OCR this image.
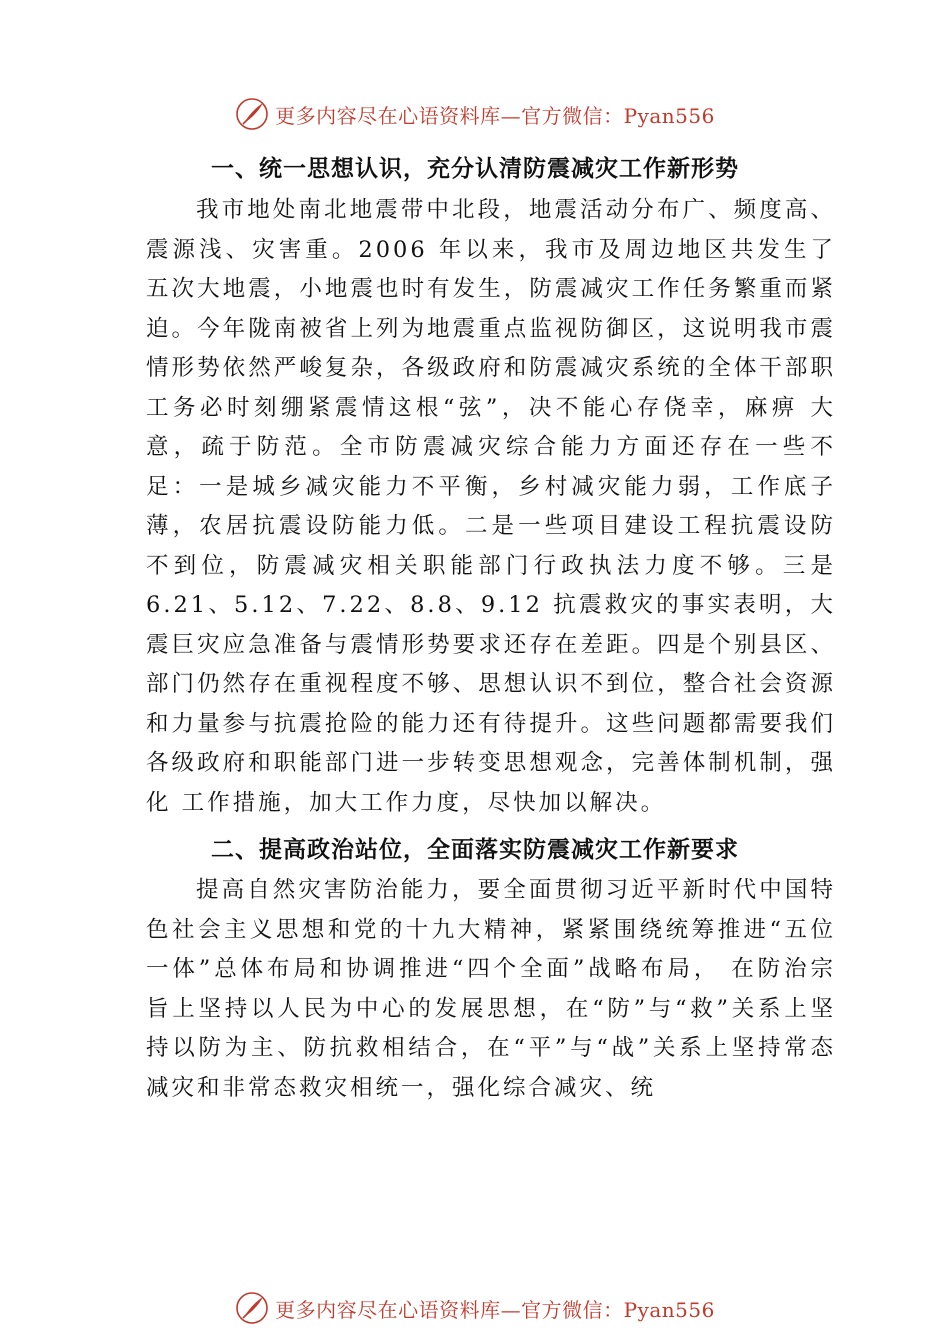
更多内容尽在心语资料库—官方微信：Pyan556
一、统一思想认识，充分认清防震减灾工作新形势

我市地处南北地震带中北段，地震活动分布广、频度高、震源浅、灾害重。2006 年以来，我市及周边地区共发生了五次大地震，小地震也时有发生，防震减灾工作任务繁重而紧迫。今年陇南被省上列为地震重点监视防御区，这说明我市震情形势依然严峻复杂，各级政府和防震减灾系统的全体干部职工务必时刻绷紧震情这根“弦”，决不能心存侥幸，麻痹 大意，疏于防范。全市防震减灾综合能力方面还存在一些不 足：一是城乡减灾能力不平衡，乡村减灾能力弱，工作底子 薄，农居抗震设防能力低。二是一些项目建设工程抗震设防 不到位，防震减灾相关职能部门行政执法力度不够。三是 6.21、5.12、7.22、8.8、9.12 抗震救灾的事实表明，大震巨灾应急准备与震情形势要求还存在差距。四是个别县区、部门仍然存在重视程度不够、思想认识不到位，整合社会资源和力量参与抗震抢险的能力还有待提升。这些问题都需要我们各级政府和职能部门进一步转变思想观念，完善体制机制，强化 工作措施，加大工作力度，尽快加以解决。

二、提高政治站位，全面落实防震减灾工作新要求

提高自然灾害防治能力，要全面贯彻习近平新时代中国特色社会主义思想和党的十九大精神，紧紧围绕统筹推进“五位一体”总体布局和协调推进“四个全面”战略布局， 在防治宗旨上坚持以人民为中心的发展思想，在“防”与“救”关系上坚持以防为主、防抗救相结合，在“平”与“战”关系上坚持常态减灾和非常态救灾相统一，强化综合减灾、统

更多内容尽在心语资料库—官方微信：Pyan556
